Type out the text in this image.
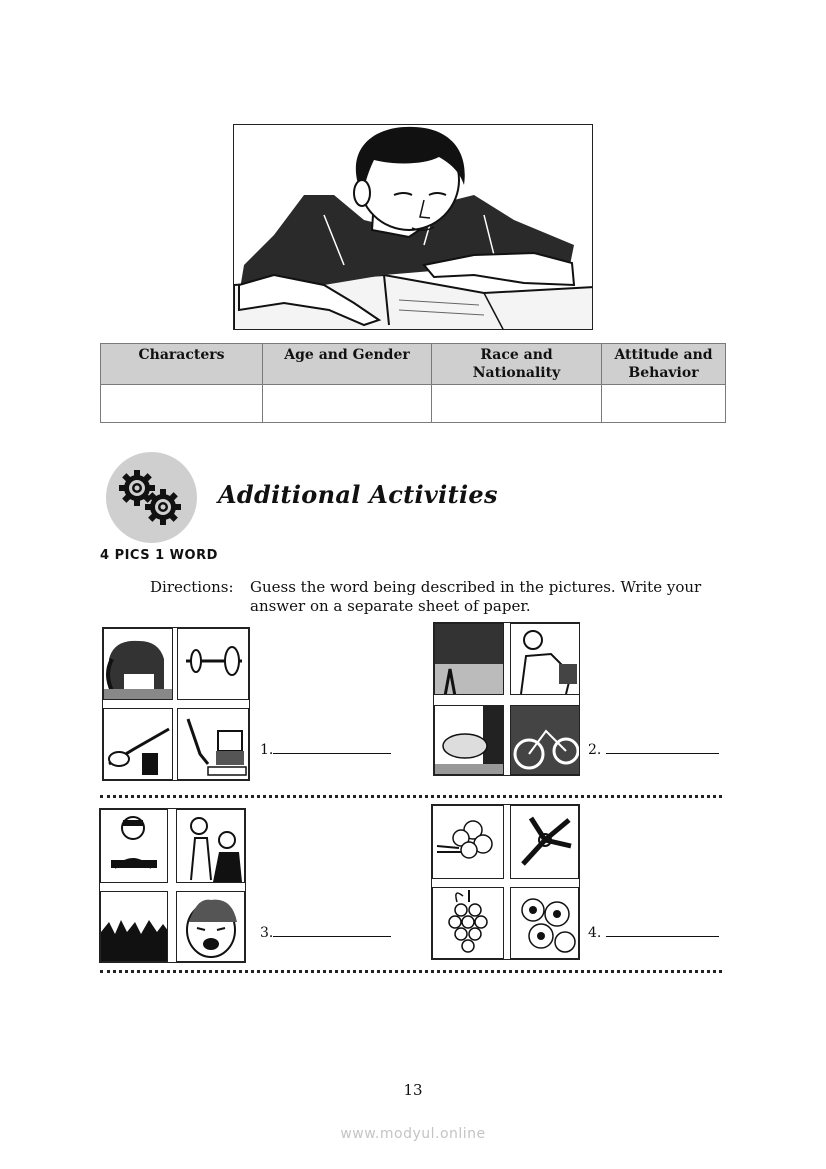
Characters	Age and Gender	Race and Nationality	Attitude and Behavior

Additional Activities
4 PICS 1 WORD
Directions: Guess the word being described in the pictures. Write your answer on a separate sheet of paper.
1.	2.
3.	4.
13
www.modyul.online
